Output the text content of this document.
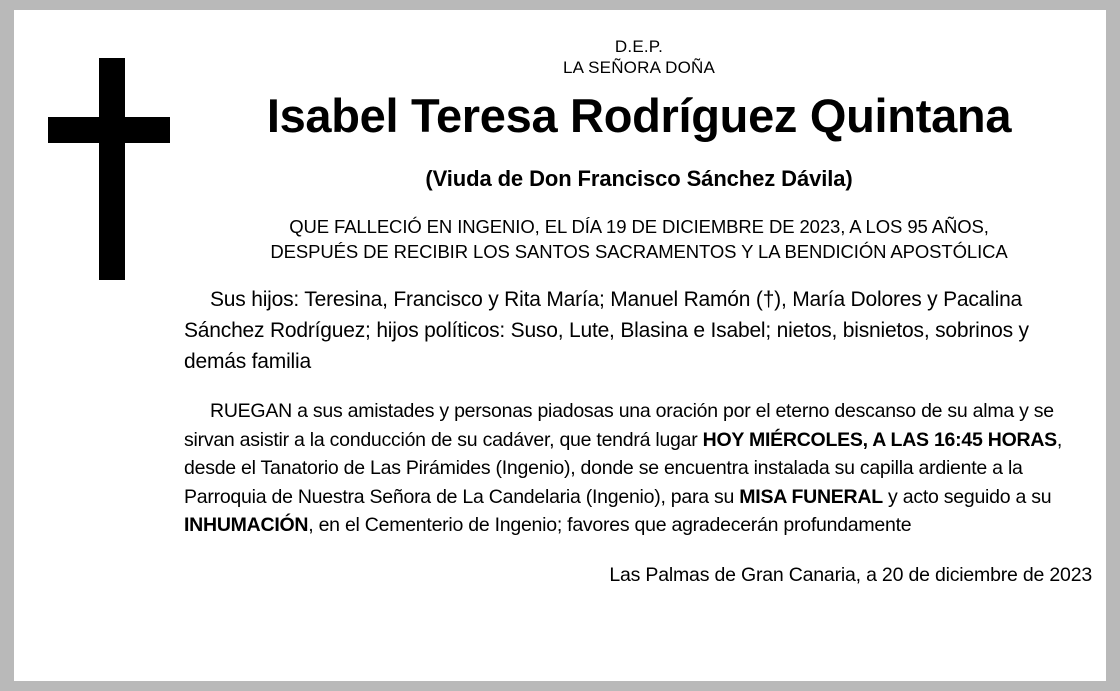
D.E.P.
LA SEÑORA DOÑA
Isabel Teresa Rodríguez Quintana
(Viuda de Don Francisco Sánchez Dávila)
QUE FALLECIÓ EN INGENIO, EL DÍA 19 DE DICIEMBRE DE 2023, A LOS 95 AÑOS,
DESPUÉS DE RECIBIR LOS SANTOS SACRAMENTOS Y LA BENDICIÓN APOSTÓLICA
Sus hijos: Teresina, Francisco y Rita María; Manuel Ramón (†), María Dolores y Pacalina Sánchez Rodríguez; hijos políticos: Suso, Lute, Blasina e Isabel; nietos, bisnietos, sobrinos y demás familia
RUEGAN a sus amistades y personas piadosas una oración por el eterno descanso de su alma y se sirvan asistir a la conducción de su cadáver, que tendrá lugar HOY MIÉRCOLES, A LAS 16:45 HORAS, desde el Tanatorio de Las Pirámides (Ingenio), donde se encuentra instalada su capilla ardiente a la Parroquia de Nuestra Señora de La Candelaria (Ingenio), para su MISA FUNERAL y acto seguido a su INHUMACIÓN, en el Cementerio de Ingenio; favores que agradecerán profundamente
Las Palmas de Gran Canaria, a 20 de diciembre de 2023
